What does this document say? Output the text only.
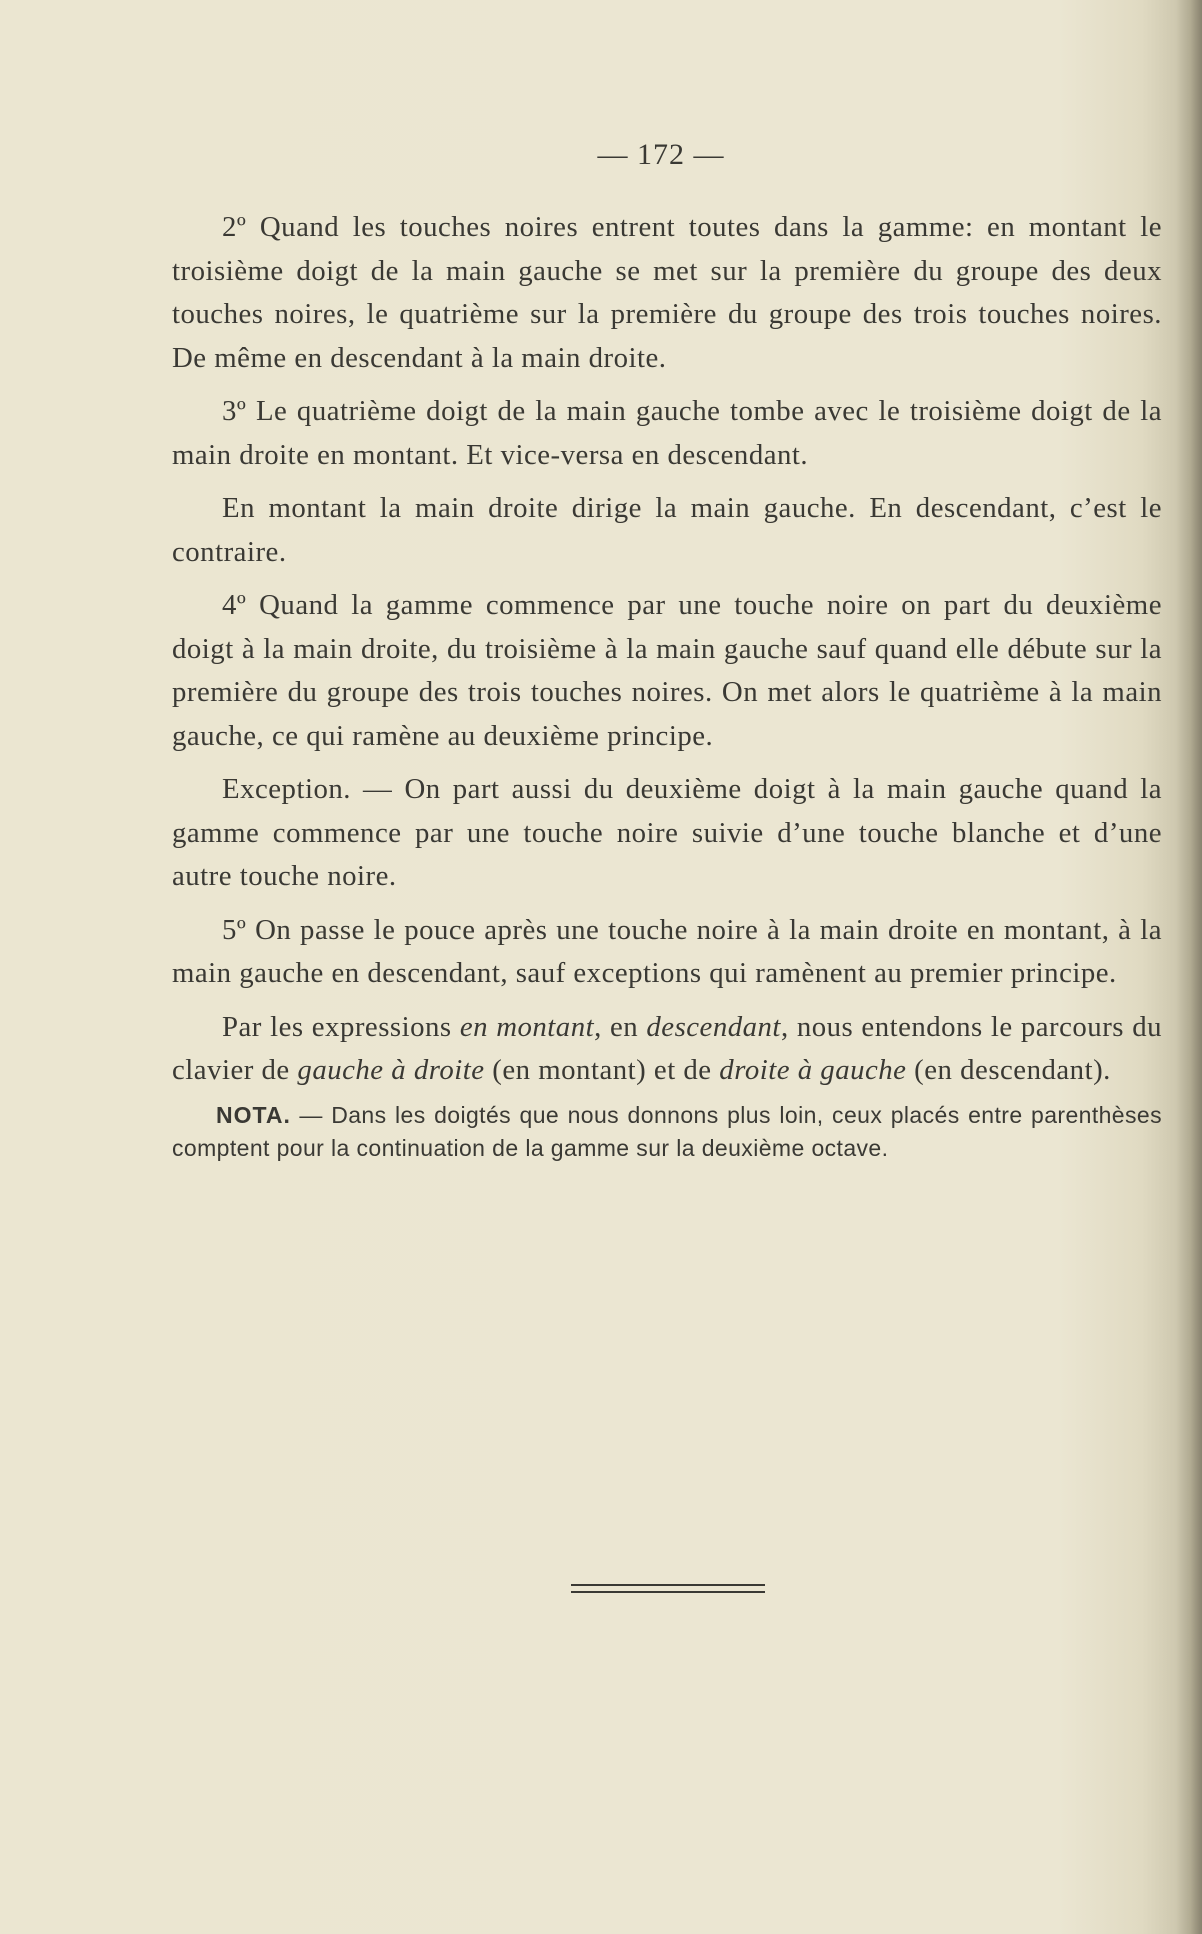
— 172 —

2º Quand les touches noires entrent toutes dans la gamme: en montant le troisième doigt de la main gauche se met sur la première du groupe des deux touches noires, le quatrième sur la première du groupe des trois touches noires. De même en descendant à la main droite.

3º Le quatrième doigt de la main gauche tombe avec le troisième doigt de la main droite en montant. Et vice-versa en descendant.

En montant la main droite dirige la main gauche. En descendant, c’est le contraire.

4º Quand la gamme commence par une touche noire on part du deuxième doigt à la main droite, du troisième à la main gauche sauf quand elle débute sur la première du groupe des trois touches noires. On met alors le quatrième à la main gauche, ce qui ramène au deuxième principe.

Exception. — On part aussi du deuxième doigt à la main gauche quand la gamme commence par une touche noire suivie d’une touche blanche et d’une autre touche noire.

5º On passe le pouce après une touche noire à la main droite en montant, à la main gauche en descendant, sauf exceptions qui ramènent au premier principe.

Par les expressions en montant, en descendant, nous entendons le parcours du clavier de gauche à droite (en montant) et de droite à gauche (en descendant).

NOTA. — Dans les doigtés que nous donnons plus loin, ceux placés entre parenthèses comptent pour la continuation de la gamme sur la deuxième octave.
